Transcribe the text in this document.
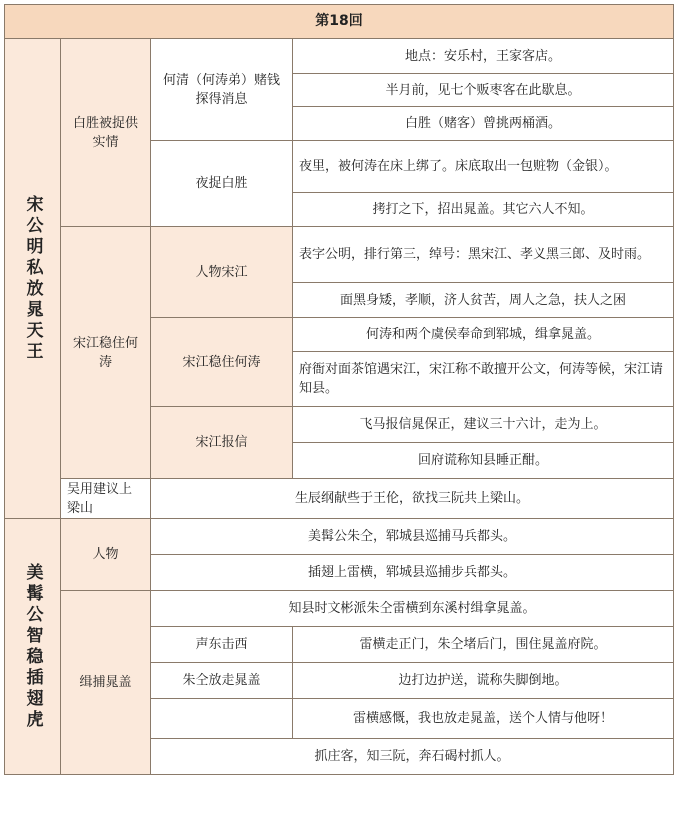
第18回			

宋公明私放晁天王	白胜被捉供实情	何清（何涛弟）赌钱探得消息	地点：安乐村，王家客店。
			半月前，见七个贩枣客在此歇息。
			白胜（赌客）曾挑两桶酒。
		夜捉白胜	夜里，被何涛在床上绑了。床底取出一包赃物（金银）。
			拷打之下，招出晁盖。其它六人不知。
	宋江稳住何涛	人物宋江	表字公明，排行第三，绰号：黑宋江、孝义黑三郎、及时雨。
			面黑身矮，孝顺，济人贫苦，周人之急，扶人之困
		宋江稳住何涛	何涛和两个虞侯奉命到郓城，缉拿晁盖。
			府衙对面茶馆遇宋江，宋江称不敢擅开公文，何涛等候，宋江请知县。
		宋江报信	飞马报信晁保正，建议三十六计，走为上。
			回府谎称知县睡正酣。
	吴用建议上梁山	生辰纲献些于王伦，欲找三阮共上梁山。	

美髯公智稳插翅虎	人物	美髯公朱仝，郓城县巡捕马兵都头。	
		插翅上雷横，郓城县巡捕步兵都头。	
	缉捕晁盖	知县时文彬派朱仝雷横到东溪村缉拿晁盖。	
		声东击西	雷横走正门，朱仝堵后门，围住晁盖府院。
		朱仝放走晁盖	边打边护送，谎称失脚倒地。
			雷横感慨，我也放走晁盖，送个人情与他呀！
		抓庄客，知三阮，奔石碣村抓人。	
